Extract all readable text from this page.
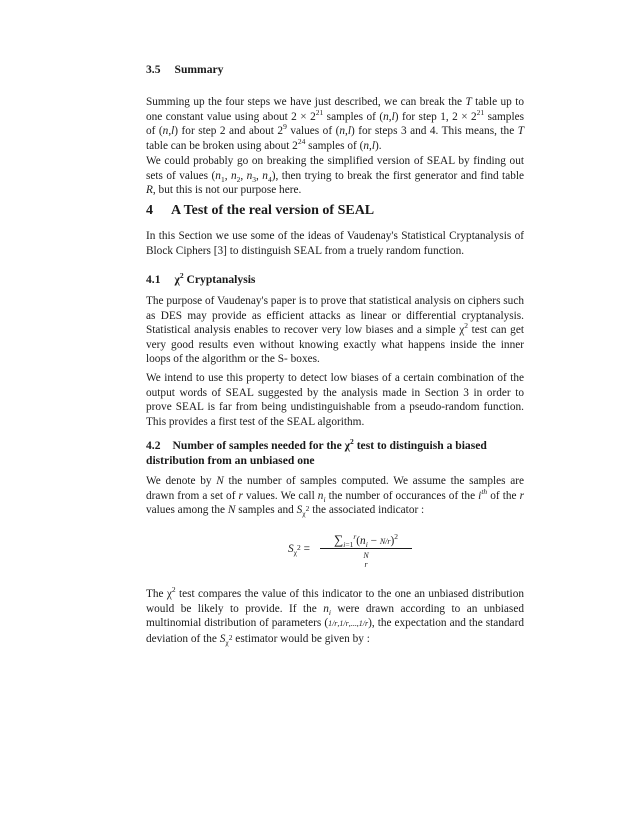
3.5 Summary

Summing up the four steps we have just described, we can break the T table up to one constant value using about $2 \times 2^{21}$ samples of (n,l) for step 1, $2 \times 2^{21}$ samples of (n,l) for step 2 and about $2^9$ values of (n,l) for steps 3 and 4. This means, the T table can be broken using about $2^{24}$ samples of (n,l).

We could probably go on breaking the simplified version of SEAL by finding out sets of values ($n_1$, $n_2$, $n_3$, $n_4$), then trying to break the first generator and find table R, but this is not our purpose here.

4 A Test of the real version of SEAL

In this Section we use some of the ideas of Vaudenay's Statistical Cryptanalysis of Block Ciphers [3] to distinguish SEAL from a truely random function.

4.1 $\chi^2$ Cryptanalysis

The purpose of Vaudenay's paper is to prove that statistical analysis on ciphers such as DES may provide as efficient attacks as linear or differential cryptanalysis. Statistical analysis enables to recover very low biases and a simple $\chi^2$ test can get very good results even without knowing exactly what happens inside the inner loops of the algorithm or the S- boxes.

We intend to use this property to detect low biases of a certain combination of the output words of SEAL suggested by the analysis made in Section 3 in order to prove SEAL is far from being undistinguishable from a pseudo-random function. This provides a first test of the SEAL algorithm.

4.2 Number of samples needed for the $\chi^2$ test to distinguish a biased distribution from an unbiased one

We denote by N the number of samples computed. We assume the samples are drawn from a set of r values. We call $n_i$ the number of occurances of the $i^{th}$ of the r values among the N samples and $S_{\chi^2}$ the associated indicator :

$S_{\chi^2}$ =
$\sum_{i=1}^r(n_i - N/r)^2$
N
r

The $\chi^2$ test compares the value of this indicator to the one an unbiased distribution would be likely to provide. If the $n_i$ were drawn according to an unbiased multinomial distribution of parameters (1/r,1/r,...,1/r), the expectation and the standard deviation of the $S_{\chi^2}$ estimator would be given by :
